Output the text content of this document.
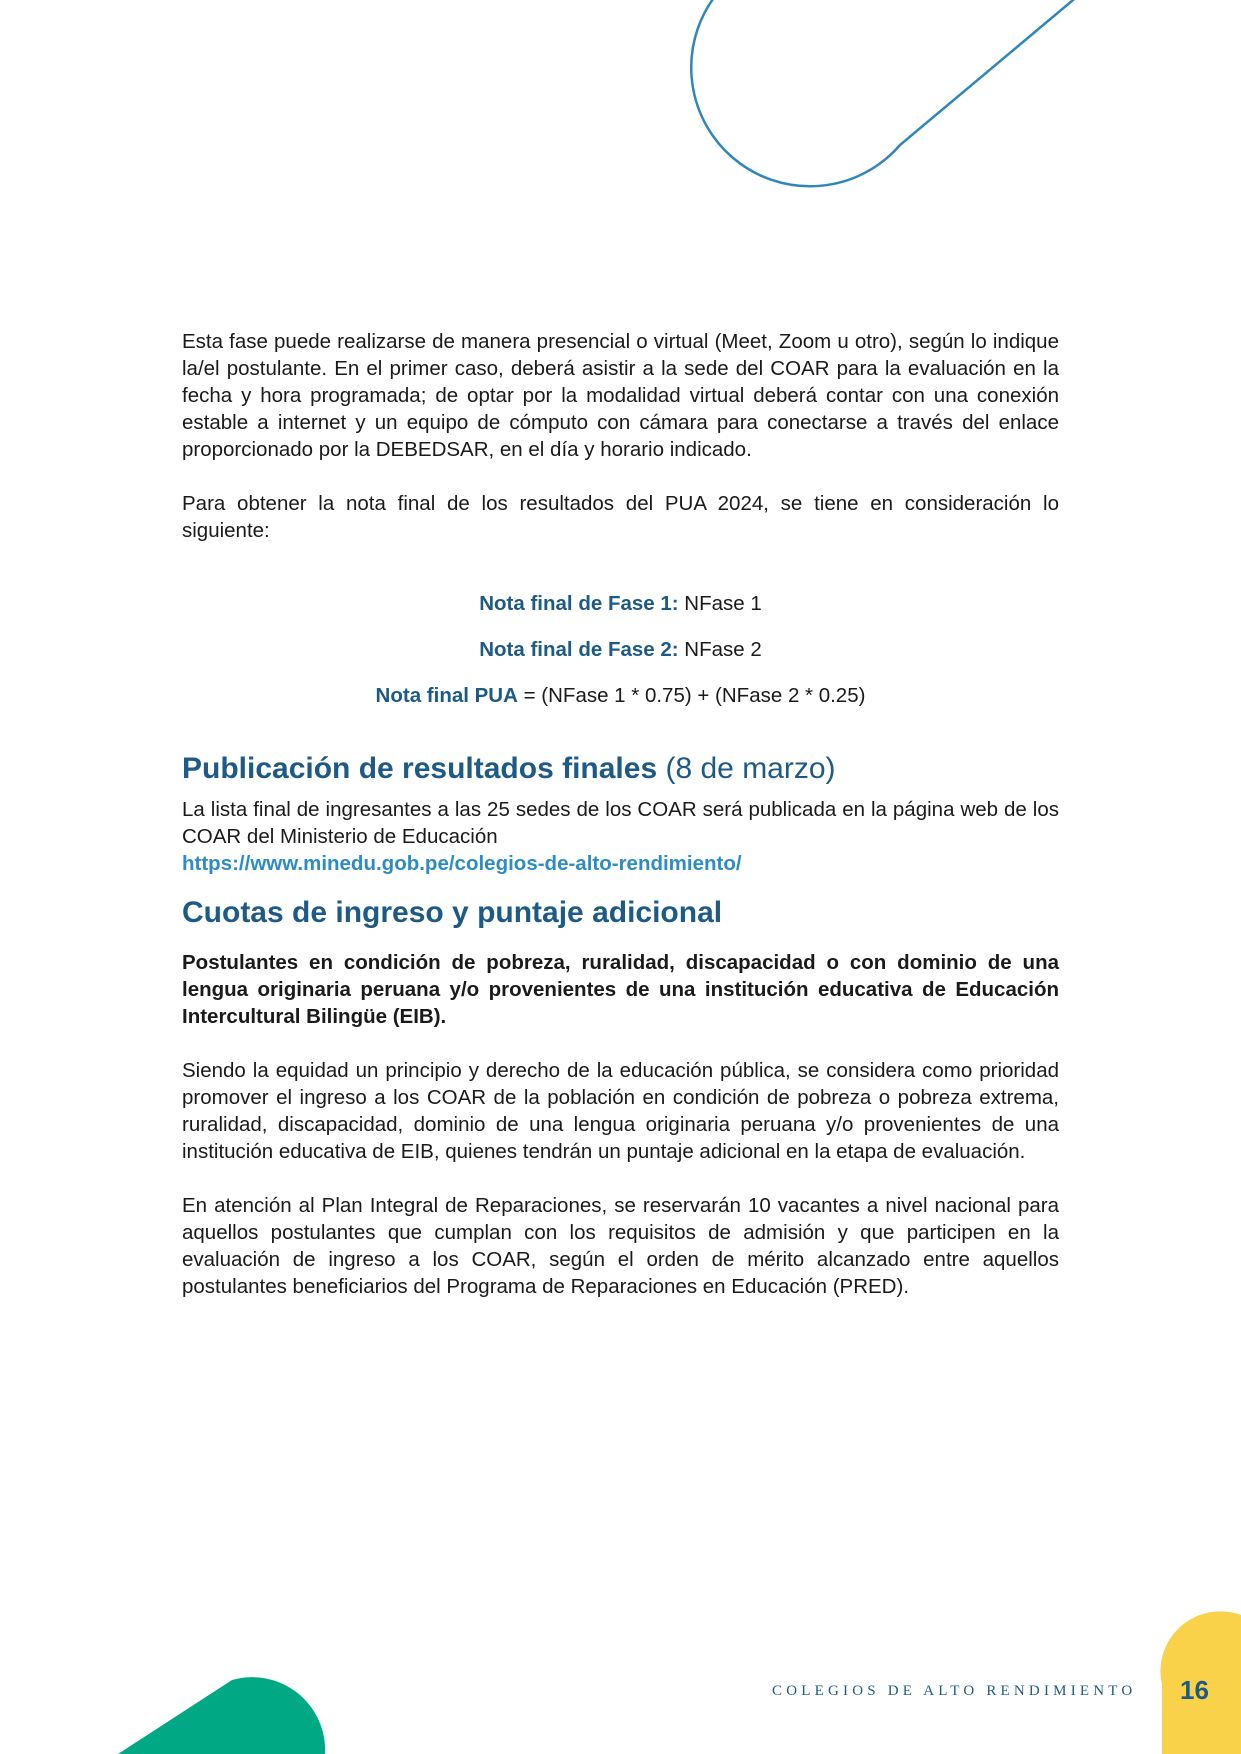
Esta fase puede realizarse de manera presencial o virtual (Meet, Zoom u otro), según lo indique la/el postulante. En el primer caso, deberá asistir a la sede del COAR para la evaluación en la fecha y hora programada; de optar por la modalidad virtual deberá contar con una conexión estable a internet y un equipo de cómputo con cámara para conectarse a través del enlace proporcionado por la DEBEDSAR, en el día y horario indicado.

Para obtener la nota final de los resultados del PUA 2024, se tiene en consideración lo siguiente:

Nota final de Fase 1: NFase 1

Nota final de Fase 2: NFase 2

Nota final PUA = (NFase 1 * 0.75) + (NFase 2 * 0.25)

Publicación de resultados finales (8 de marzo)

La lista final de ingresantes a las 25 sedes de los COAR será publicada en la página web de los COAR del Ministerio de Educación

https://www.minedu.gob.pe/colegios-de-alto-rendimiento/
Cuotas de ingreso y puntaje adicional

Postulantes en condición de pobreza, ruralidad, discapacidad o con dominio de una lengua originaria peruana y/o provenientes de una institución educativa de Educación Intercultural Bilingüe (EIB).

Siendo la equidad un principio y derecho de la educación pública, se considera como prioridad promover el ingreso a los COAR de la población en condición de pobreza o pobreza extrema, ruralidad, discapacidad, dominio de una lengua originaria peruana y/o provenientes de una institución educativa de EIB, quienes tendrán un puntaje adicional en la etapa de evaluación.

En atención al Plan Integral de Reparaciones, se reservarán 10 vacantes a nivel nacional para aquellos postulantes que cumplan con los requisitos de admisión y que participen en la evaluación de ingreso a los COAR, según el orden de mérito alcanzado entre aquellos postulantes beneficiarios del Programa de Reparaciones en Educación (PRED).

COLEGIOS DE ALTO RENDIMIENTO 16
